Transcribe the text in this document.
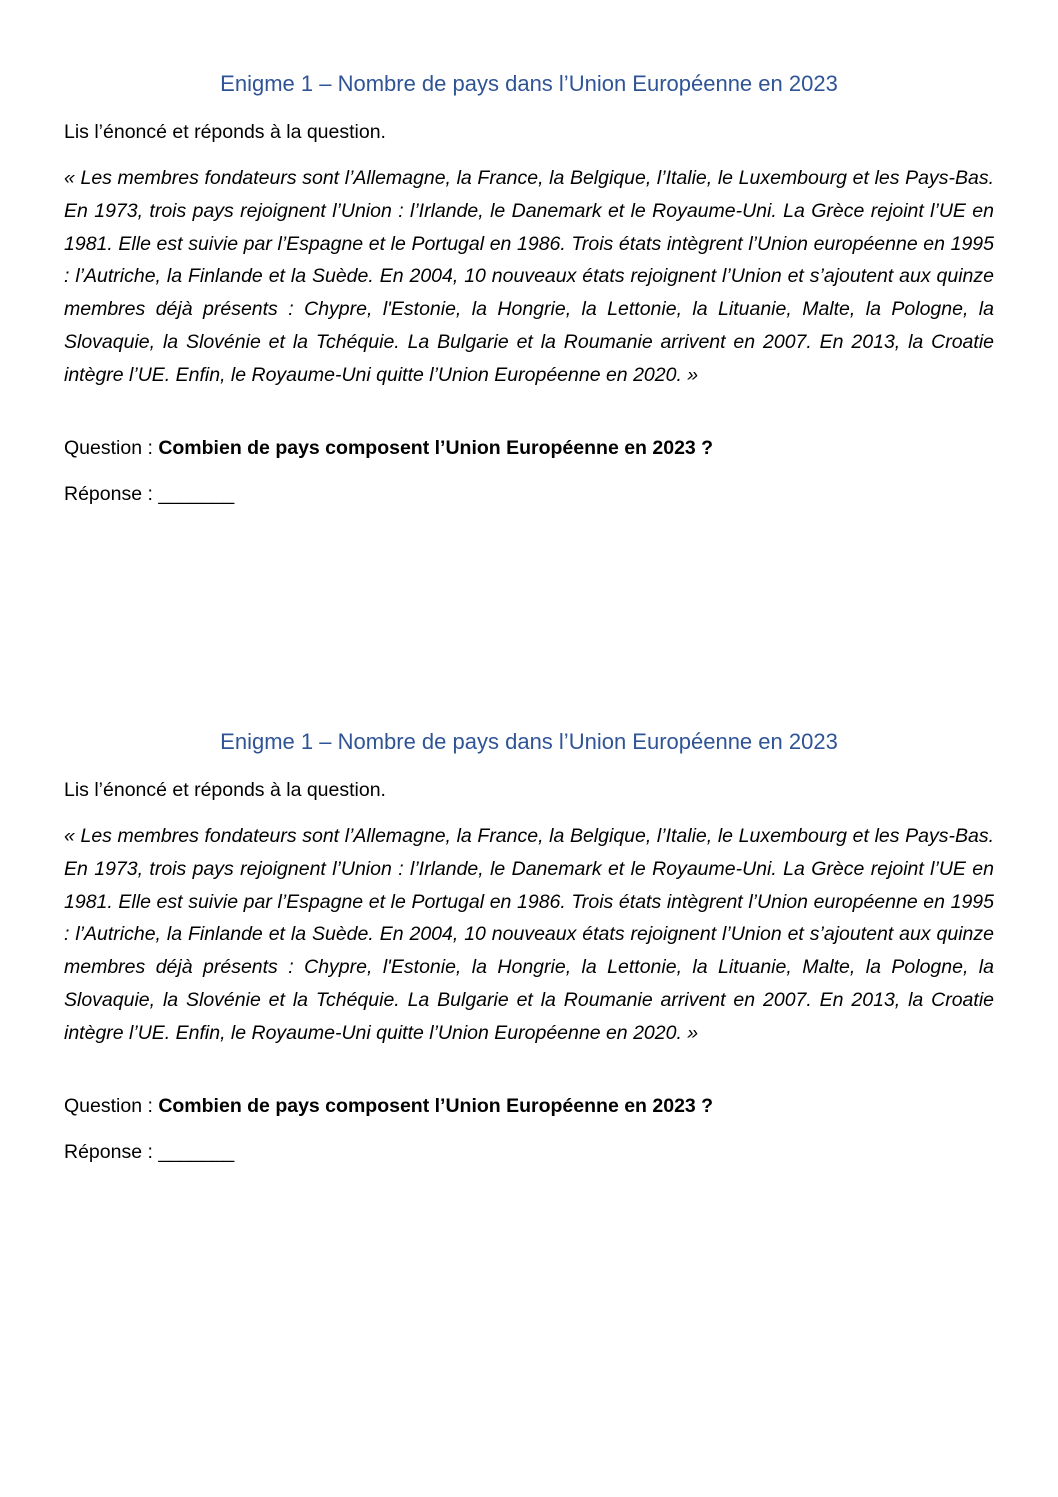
Enigme 1 – Nombre de pays dans l’Union Européenne en 2023

Lis l’énoncé et réponds à la question.

« Les membres fondateurs sont l’Allemagne, la France, la Belgique, l’Italie, le Luxembourg et les Pays-Bas. En 1973, trois pays rejoignent l’Union : l’Irlande, le Danemark et le Royaume-Uni. La Grèce rejoint l’UE en 1981. Elle est suivie par l’Espagne et le Portugal en 1986. Trois états intègrent l’Union européenne en 1995 : l’Autriche, la Finlande et la Suède. En 2004, 10 nouveaux états rejoignent l’Union et s’ajoutent aux quinze membres déjà présents : Chypre, l'Estonie, la Hongrie, la Lettonie, la Lituanie, Malte, la Pologne, la Slovaquie, la Slovénie et la Tchéquie. La Bulgarie et la Roumanie arrivent en 2007. En 2013, la Croatie intègre l’UE. Enfin, le Royaume-Uni quitte l’Union Européenne en 2020. »

Question : Combien de pays composent l’Union Européenne en 2023 ?

Réponse : _______

Enigme 1 – Nombre de pays dans l’Union Européenne en 2023

Lis l’énoncé et réponds à la question.

« Les membres fondateurs sont l’Allemagne, la France, la Belgique, l’Italie, le Luxembourg et les Pays-Bas. En 1973, trois pays rejoignent l’Union : l’Irlande, le Danemark et le Royaume-Uni. La Grèce rejoint l’UE en 1981. Elle est suivie par l’Espagne et le Portugal en 1986. Trois états intègrent l’Union européenne en 1995 : l’Autriche, la Finlande et la Suède. En 2004, 10 nouveaux états rejoignent l’Union et s’ajoutent aux quinze membres déjà présents : Chypre, l'Estonie, la Hongrie, la Lettonie, la Lituanie, Malte, la Pologne, la Slovaquie, la Slovénie et la Tchéquie. La Bulgarie et la Roumanie arrivent en 2007. En 2013, la Croatie intègre l’UE. Enfin, le Royaume-Uni quitte l’Union Européenne en 2020. »

Question : Combien de pays composent l’Union Européenne en 2023 ?

Réponse : _______
